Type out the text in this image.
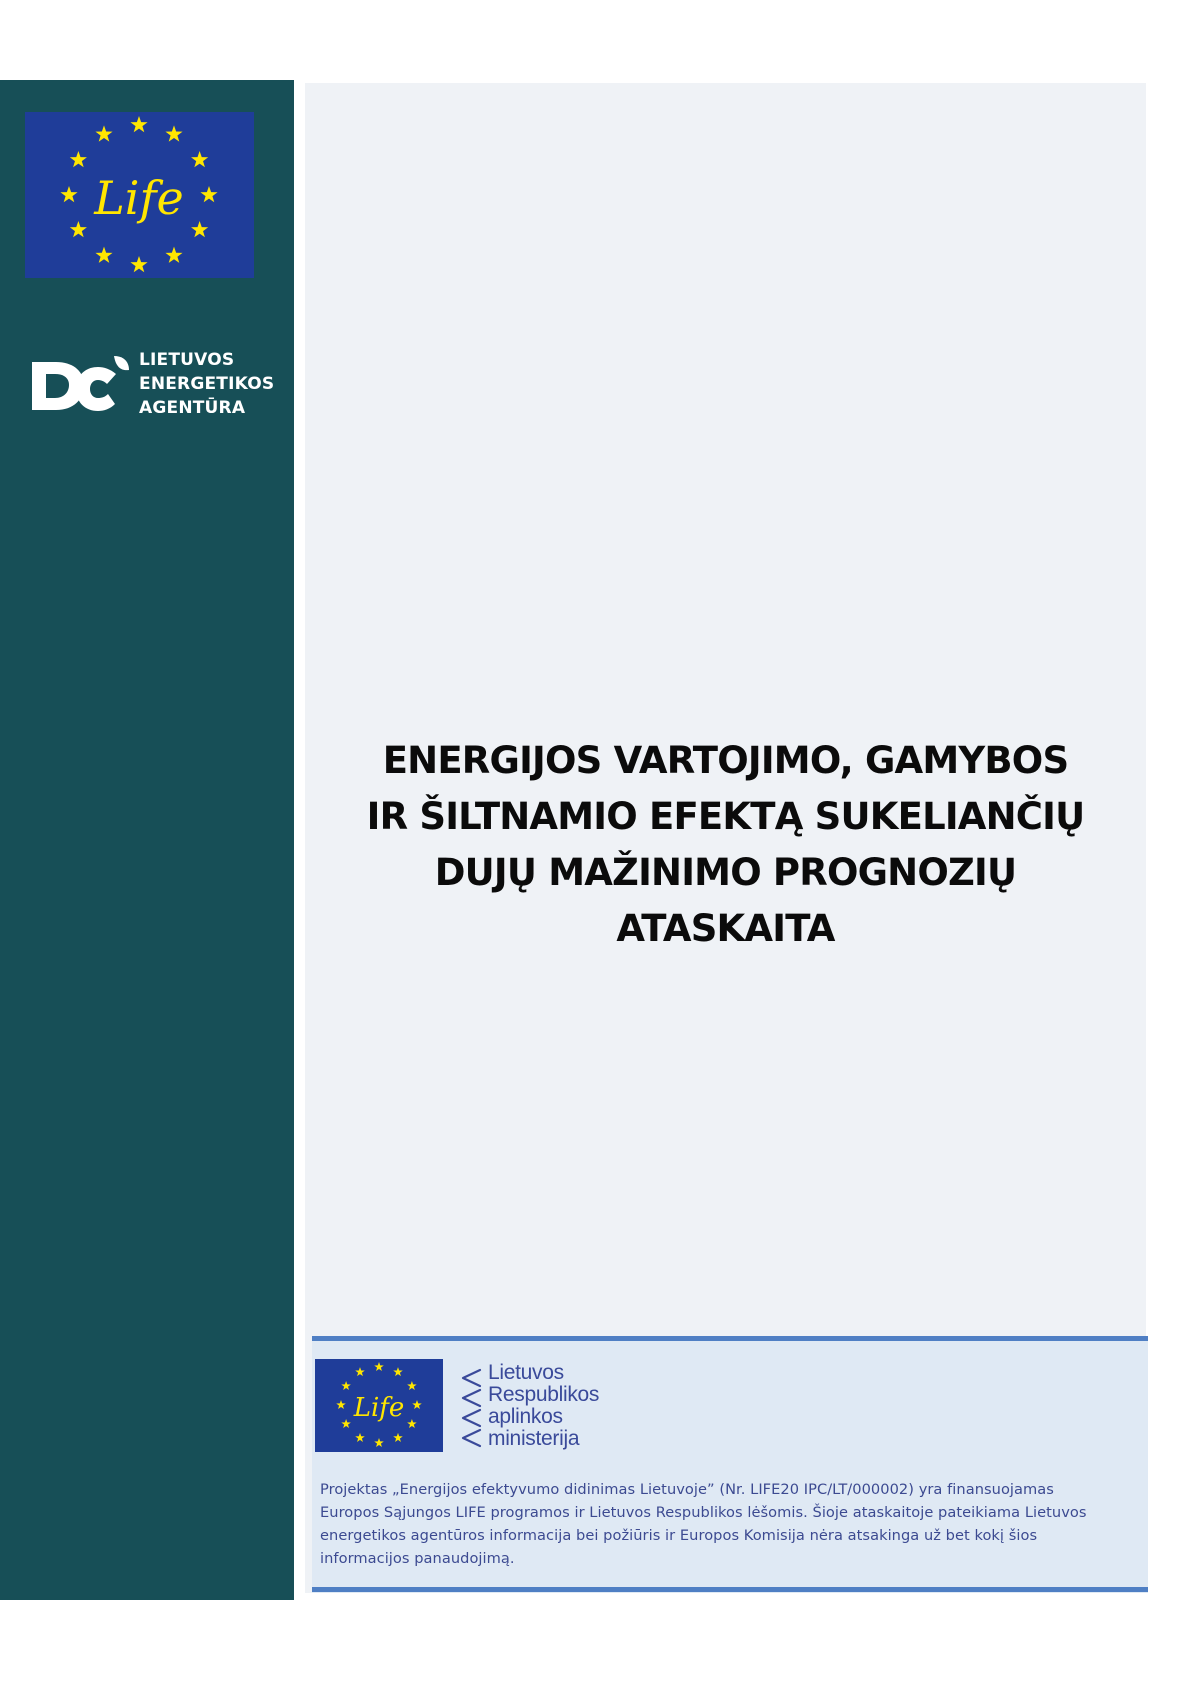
Life
LIETUVOS
ENERGETIKOS
AGENTŪRA
ENERGIJOS VARTOJIMO, GAMYBOS
IR ŠILTNAMIO EFEKTĄ SUKELIANČIŲ
DUJŲ MAŽINIMO PROGNOZIŲ
ATASKAITA
Life
Lietuvos
Respublikos
aplinkos
ministerija
Projektas „Energijos efektyvumo didinimas Lietuvoje” (Nr. LIFE20 IPC/LT/000002) yra finansuojamas
Europos Sąjungos LIFE programos ir Lietuvos Respublikos lėšomis. Šioje ataskaitoje pateikiama Lietuvos
energetikos agentūros informacija bei požiūris ir Europos Komisija nėra atsakinga už bet kokį šios
informacijos panaudojimą.
